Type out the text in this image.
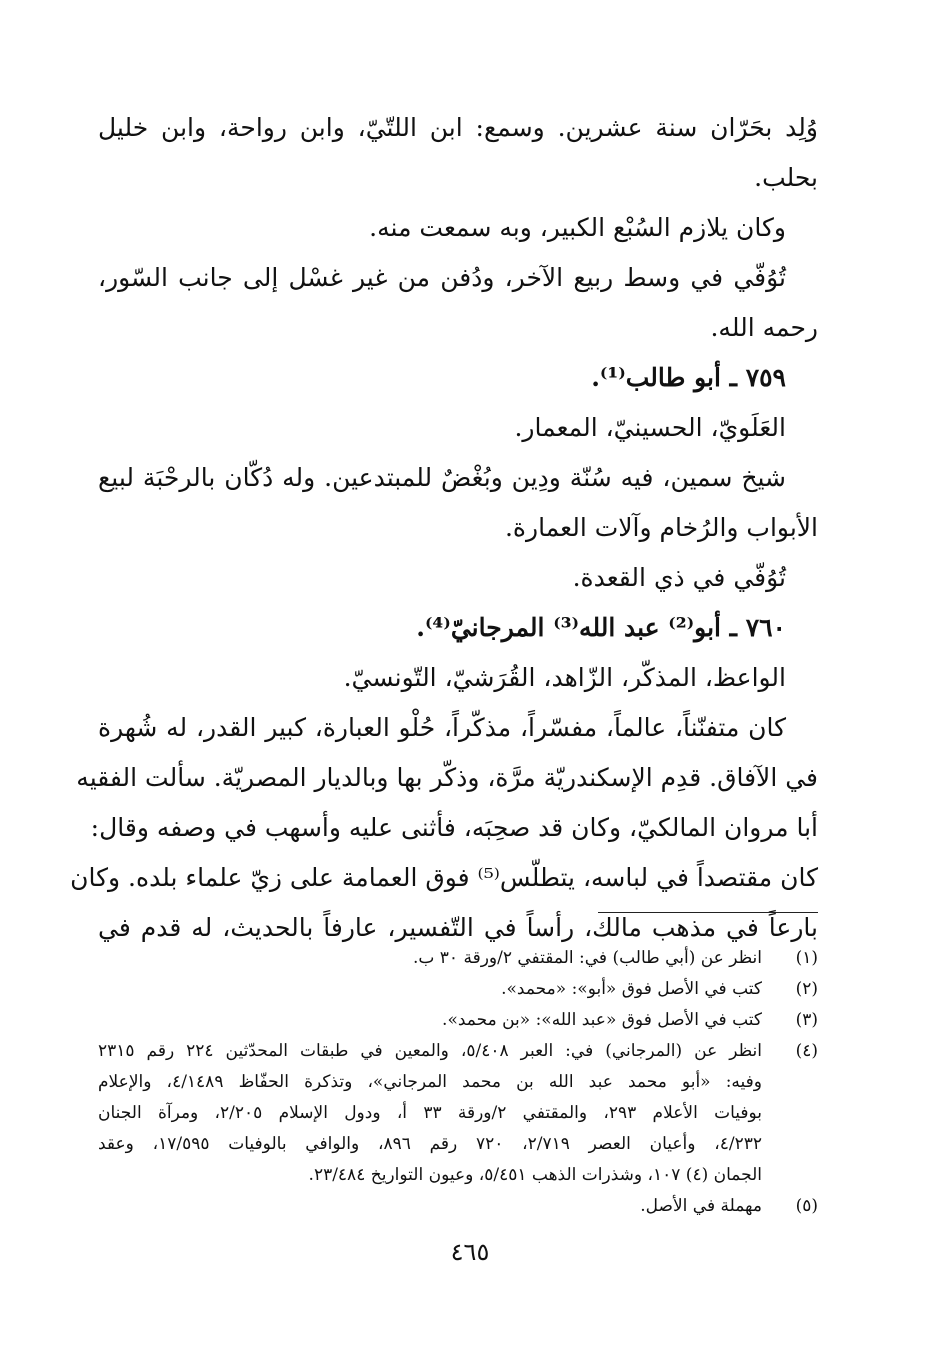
وُلِد بحَرّان سنة عشرين. وسمع: ابن اللتّيّ، وابن رواحة، وابن خليل
بحلب.
وكان يلازم السُبْع الكبير، وبه سمعت منه.
تُوُفّي في وسط ربيع الآخر، ودُفن من غير غسْل إلى جانب السّور،
رحمه الله.
٧٥٩ ـ أبو طالب⁽¹⁾.
العَلَويّ، الحسينيّ، المعمار.
شيخ سمين، فيه سُنّة ودِين وبُغْضٌ للمبتدعين. وله دُكّان بالرحْبَة لبيع
الأبواب والرُخام وآلات العمارة.
تُوُفّي في ذي القعدة.
٧٦٠ ـ أبو⁽²⁾ عبد الله⁽³⁾ المرجانيّ⁽⁴⁾.
الواعظ، المذكّر، الزّاهد، القُرَشيّ، التّونسيّ.
كان متفنّناً، عالماً، مفسّراً، مذكّراً، حُلْو العبارة، كبير القدر، له شُهرة
في الآفاق. قدِم الإسكندريّة مرَّة، وذكّر بها وبالديار المصريّة. سألت الفقيه
أبا مروان المالكيّ، وكان قد صحِبَه، فأثنى عليه وأسهب في وصفه وقال:
كان مقتصداً في لباسه، يتطلّس⁽⁵⁾ فوق العمامة على زيّ علماء بلده. وكان
بارعاً في مذهب مالك، رأساً في التّفسير، عارفاً بالحديث، له قدم في
(١)
انظر عن (أبي طالب) في: المقتفي ٢/ورقة ٣٠ ب.
(٢)
كتب في الأصل فوق «أبو»: «محمد».
(٣)
كتب في الأصل فوق «عبد الله»: «بن محمد».
(٤)
انظر عن (المرجاني) في: العبر ٥/٤٠٨، والمعين في طبقات المحدّثين ٢٢٤ رقم ٢٣١٥
وفيه: «أبو محمد عبد الله بن محمد المرجاني»، وتذكرة الحفّاظ ٤/١٤٨٩، والإعلام
بوفيات الأعلام ٢٩٣، والمقتفي ٢/ورقة ٣٣ أ، ودول الإسلام ٢/٢٠٥، ومرآة الجنان
٤/٢٣٢، وأعيان العصر ٢/٧١٩، ٧٢٠ رقم ٨٩٦، والوافي بالوفيات ١٧/٥٩٥، وعقد
الجمان (٤) ١٠٧، وشذرات الذهب ٥/٤٥١، وعيون التواريخ ٢٣/٤٨٤.
(٥)
مهملة في الأصل.
٤٦٥
